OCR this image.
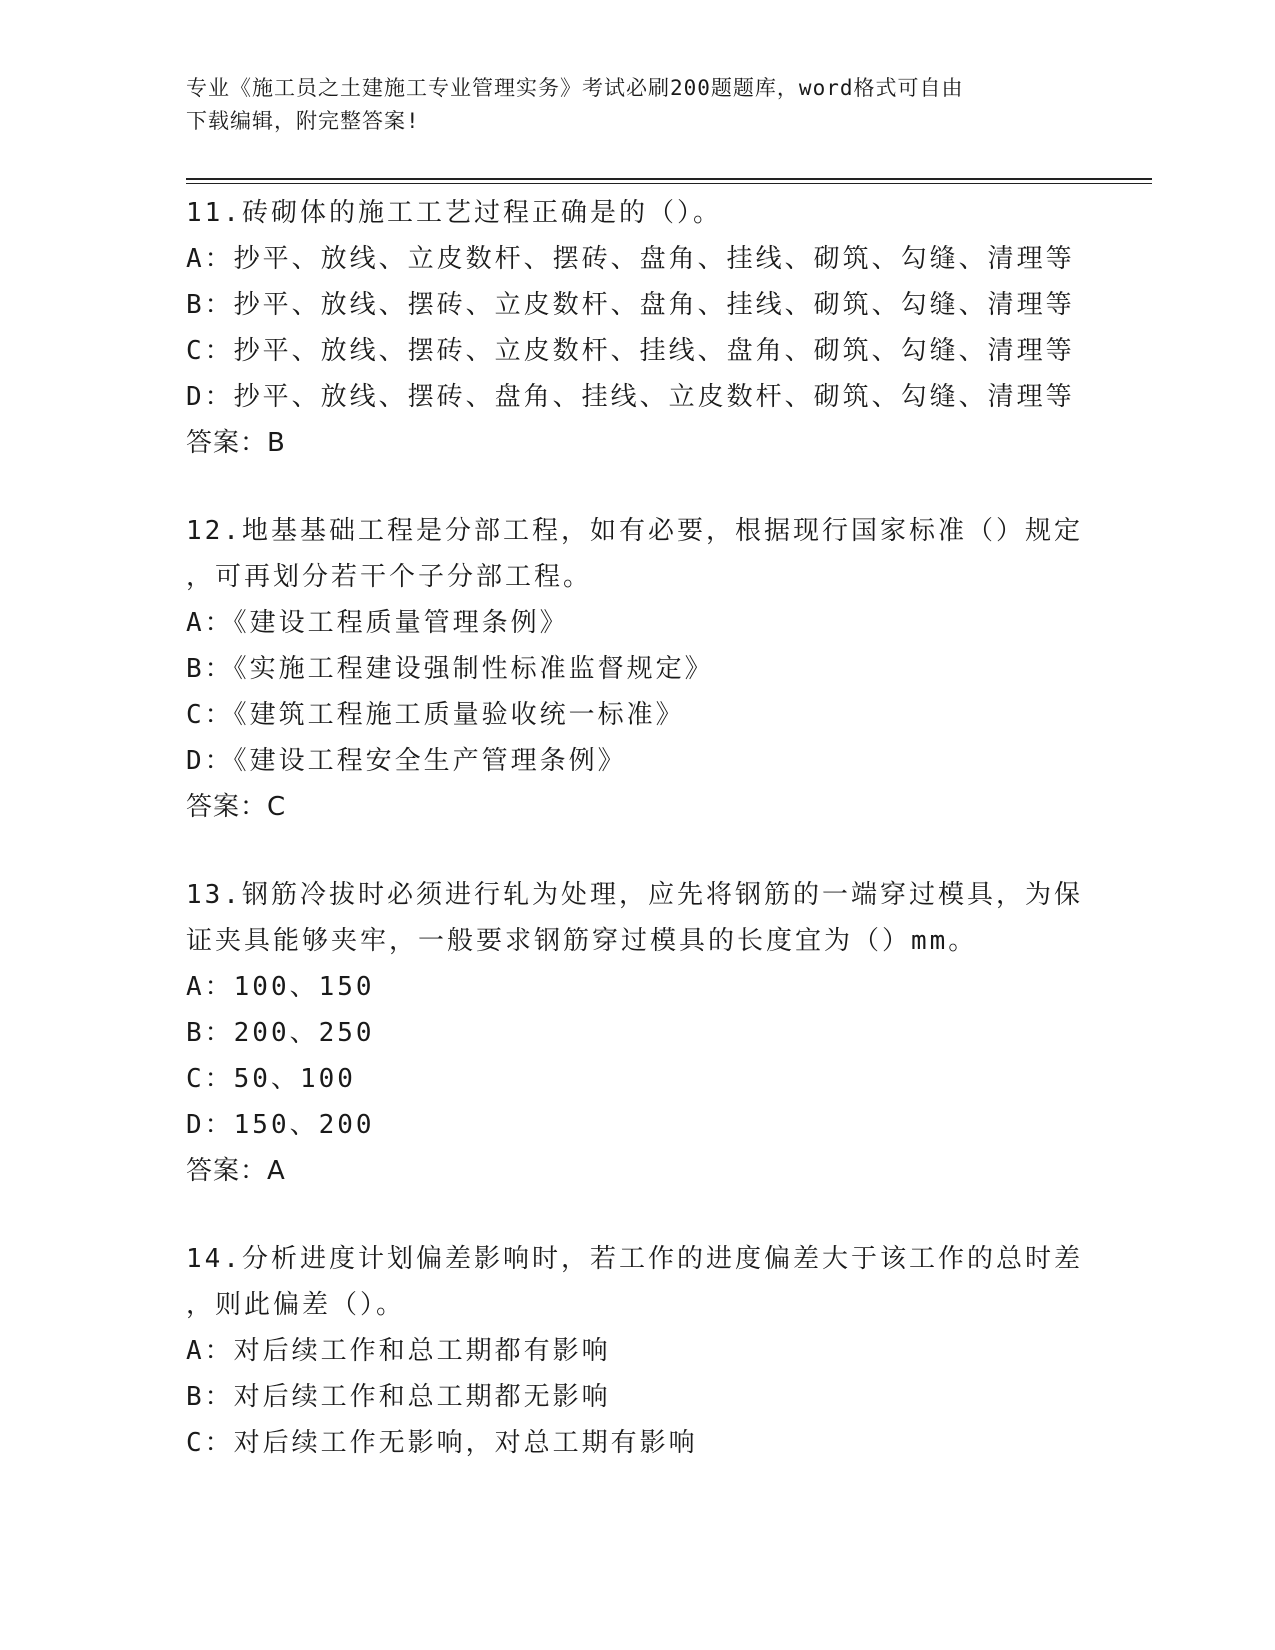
专业《施工员之土建施工专业管理实务》考试必刷200题题库，word格式可自由

下载编辑，附完整答案!

11.砖砌体的施工工艺过程正确是的（）。

A：抄平、放线、立皮数杆、摆砖、盘角、挂线、砌筑、勾缝、清理等

B：抄平、放线、摆砖、立皮数杆、盘角、挂线、砌筑、勾缝、清理等

C：抄平、放线、摆砖、立皮数杆、挂线、盘角、砌筑、勾缝、清理等

D：抄平、放线、摆砖、盘角、挂线、立皮数杆、砌筑、勾缝、清理等

答案：B

12.地基基础工程是分部工程，如有必要，根据现行国家标准（）规定

，可再划分若干个子分部工程。

A：《建设工程质量管理条例》

B：《实施工程建设强制性标准监督规定》

C：《建筑工程施工质量验收统一标准》

D：《建设工程安全生产管理条例》

答案：C

13.钢筋冷拔时必须进行轧为处理，应先将钢筋的一端穿过模具，为保

证夹具能够夹牢，一般要求钢筋穿过模具的长度宜为（）mm。

A：100、150

B：200、250

C：50、100

D：150、200

答案：A

14.分析进度计划偏差影响时，若工作的进度偏差大于该工作的总时差

，则此偏差（）。

A：对后续工作和总工期都有影响

B：对后续工作和总工期都无影响

C：对后续工作无影响，对总工期有影响
